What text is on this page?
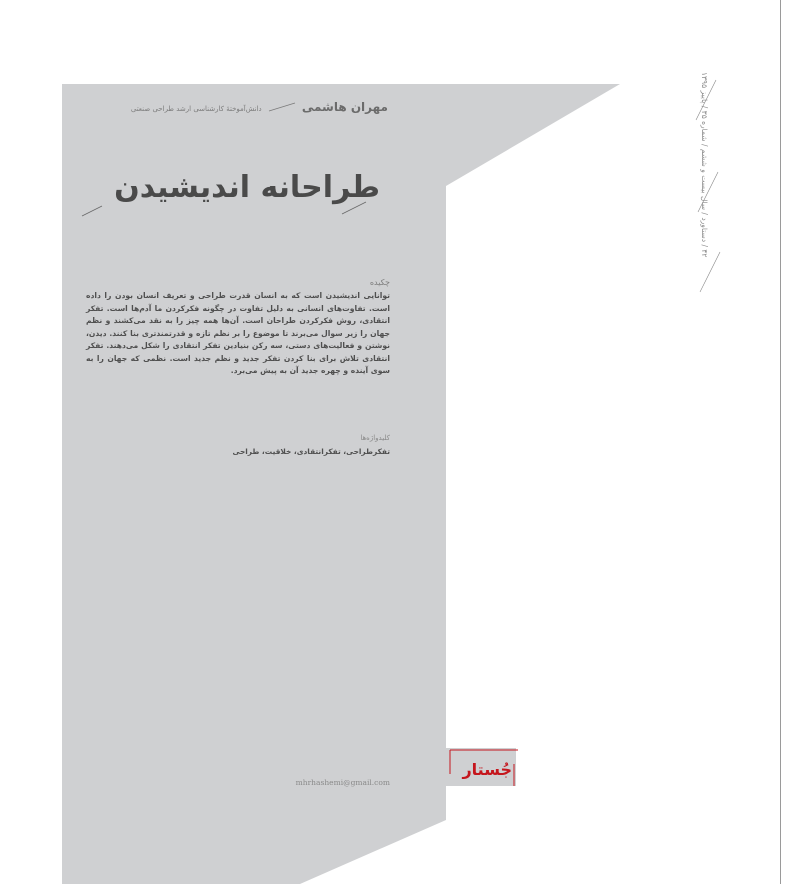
مهران هاشمی  دانش‌آموختهٔ کارشناسی ارشد طراحی صنعتی
طراحانه اندیشیدن
چکیده
توانایی اندیشیدن است که به انسان قدرت طراحی و تعریف انسان بودن را داده است. تفاوت‌های انسانی به دلیل تفاوت در چگونه فکرکردن ما آدم‌ها است. تفکر انتقادی، روش فکرکردن طراحان است. آن‌ها همه چیز را به نقد می‌کشند و نظم جهان را زیر سوال می‌برند تا موضوع را بر نظم تازه و قدرتمندتری بنا کنند. دیدن، نوشتن و فعالیت‌های دستی، سه رکن بنیادین تفکر انتقادی را شکل می‌دهند. تفکر انتقادی تلاش برای بنا کردن تفکر جدید و نظم جدید است. نظمی که جهان را به سوی آینده و چهره جدید آن به پیش می‌برد.
کلیدواژه‌ها
تفکرطراحی، تفکرانتقادی، خلاقیت، طراحی
mhrhashemi@gmail.com
جُستار
۴۲ / دستاورد / سال بیست و ششم / شماره ۳۵ / پاییز ۱۳۹۵
